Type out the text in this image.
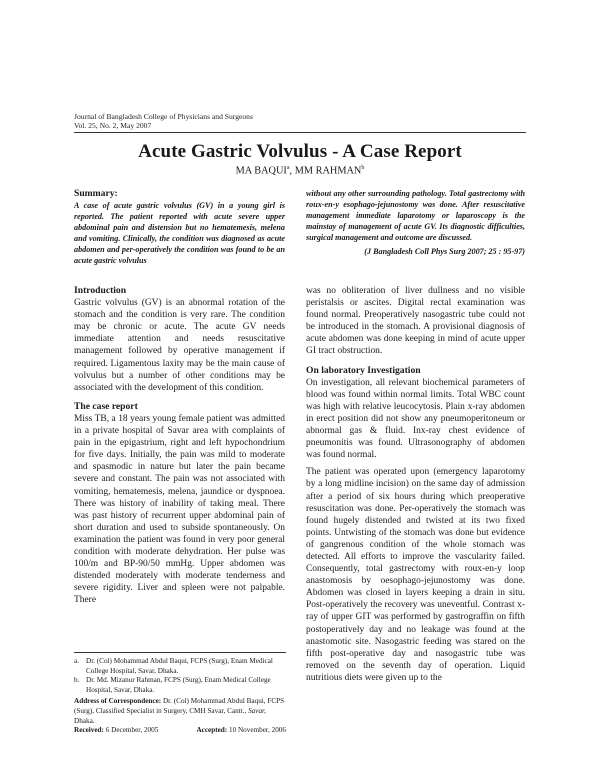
Journal of Bangladesh College of Physicians and Surgeons
Vol. 25, No. 2, May 2007
Acute Gastric Volvulus - A Case Report
MA BAQUI$^a$, MM RAHMAN$^b$

Summary:

A case of acute gastric volvulus (GV) in a young girl is reported. The patient reported with acute severe upper abdominal pain and distension but no hematemesis, melena and vomiting. Clinically, the condition was diagnosed as acute abdomen and per-operatively the condition was found to be an acute gastric volvulus

without any other surrounding pathology. Total gastrectomy with roux-en-y esophago-jejunostomy was done. After resuscitative management immediate laparotomy or laparoscopy is the mainstay of management of acute GV. Its diagnostic difficulties, surgical management and outcome are discussed.

(J Bangladesh Coll Phys Surg 2007; 25 : 95-97)

Introduction

Gastric volvulus (GV) is an abnormal rotation of the stomach and the condition is very rare. The condition may be chronic or acute. The acute GV needs immediate attention and needs resuscitative management followed by operative management if required. Ligamentous laxity may be the main cause of volvulus but a number of other conditions may be associated with the development of this condition.

The case report

Miss TB, a 18 years young female patient was admitted in a private hospital of Savar area with complaints of pain in the epigastrium, right and left hypochondrium for five days. Initially, the pain was mild to moderate and spasmodic in nature but later the pain became severe and constant. The pain was not associated with vomiting, hematemesis, melena, jaundice or dyspnoea. There was history of inability of taking meal. There was past history of recurrent upper abdominal pain of short duration and used to subside spontaneously. On examination the patient was found in very poor general condition with moderate dehydration. Her pulse was 100/m and BP-90/50 mmHg. Upper abdomen was distended moderately with moderate tenderness and severe rigidity. Liver and spleen were not palpable. There

was no obliteration of liver dullness and no visible peristalsis or ascites. Digital rectal examination was found normal. Preoperatively nasogastric tube could not be introduced in the stomach. A provisional diagnosis of acute abdomen was done keeping in mind of acute upper GI tract obstruction.

On laboratory Investigation

On investigation, all relevant biochemical parameters of blood was found within normal limits. Total WBC count was high with relative leucocytosis. Plain x-ray abdomen in erect position did not show any pneumoperitoneum or abnormal gas & fluid. Inx-ray chest evidence of pneumonitis was found. Ultrasonography of abdomen was found normal.

The patient was operated upon (emergency laparotomy by a long midline incision) on the same day of admission after a period of six hours during which preoperative resuscitation was done. Per-operatively the stomach was found hugely distended and twisted at its two fixed points. Untwisting of the stomach was done but evidence of gangrenous condition of the whole stomach was detected. All efforts to improve the vascularity failed. Consequently, total gastrectomy with roux-en-y loop anastomosis by oesophago-jejunostomy was done. Abdomen was closed in layers keeping a drain in situ. Post-operatively the recovery was uneventful. Contrast x-ray of upper GIT was performed by gastrograffin on fifth postoperatively day and no leakage was found at the anastomotic site. Nasogastric feeding was stared on the fifth post-operative day and nasogastric tube was removed on the seventh day of operation. Liquid nutritious diets were given up to the

a. Dr. (Col) Mohammad Abdul Baqui, FCPS (Surg), Enam Medical College Hospital, Savar, Dhaka.
b. Dr. Md. Mizanur Rahman, FCPS (Surg), Enam Medical College Hospital, Savar, Dhaka.
Address of Correspondence: Dr. (Col) Mohammad Abdul Baqui, FCPS (Surg), Classified Specialist in Surgery, CMH Savar, Cantt., Savar, Dhaka.
Received: 6 December, 2005	Accepted: 10 November, 2006
